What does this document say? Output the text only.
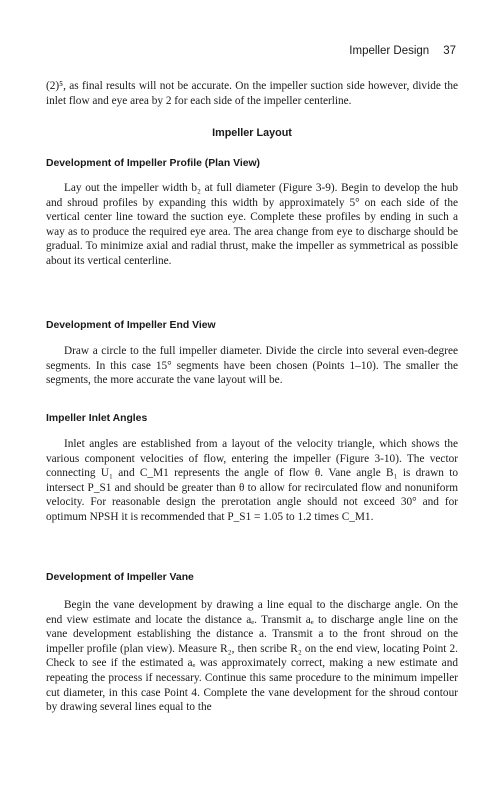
Impeller Design 37

(2)⁵, as final results will not be accurate. On the impeller suction side however, divide the inlet flow and eye area by 2 for each side of the impeller centerline.

Impeller Layout
Development of Impeller Profile (Plan View)

Lay out the impeller width b₂ at full diameter (Figure 3-9). Begin to develop the hub and shroud profiles by expanding this width by approximately 5° on each side of the vertical center line toward the suction eye. Complete these profiles by ending in such a way as to produce the required eye area. The area change from eye to discharge should be gradual. To minimize axial and radial thrust, make the impeller as symmetrical as possible about its vertical centerline.

Development of Impeller End View

Draw a circle to the full impeller diameter. Divide the circle into several even-degree segments. In this case 15° segments have been chosen (Points 1–10). The smaller the segments, the more accurate the vane layout will be.

Impeller Inlet Angles

Inlet angles are established from a layout of the velocity triangle, which shows the various component velocities of flow, entering the impeller (Figure 3-10). The vector connecting U₁ and C_M1 represents the angle of flow θ. Vane angle B₁ is drawn to intersect P_S1 and should be greater than θ to allow for recirculated flow and nonuniform velocity. For reasonable design the prerotation angle should not exceed 30° and for optimum NPSH it is recommended that P_S1 = 1.05 to 1.2 times C_M1.

Development of Impeller Vane

Begin the vane development by drawing a line equal to the discharge angle. On the end view estimate and locate the distance aₑ. Transmit aₑ to discharge angle line on the vane development establishing the distance a. Transmit a to the front shroud on the impeller profile (plan view). Measure R₂, then scribe R₂ on the end view, locating Point 2. Check to see if the estimated aₑ was approximately correct, making a new estimate and repeating the process if necessary. Continue this same procedure to the minimum impeller cut diameter, in this case Point 4. Complete the vane development for the shroud contour by drawing several lines equal to the
